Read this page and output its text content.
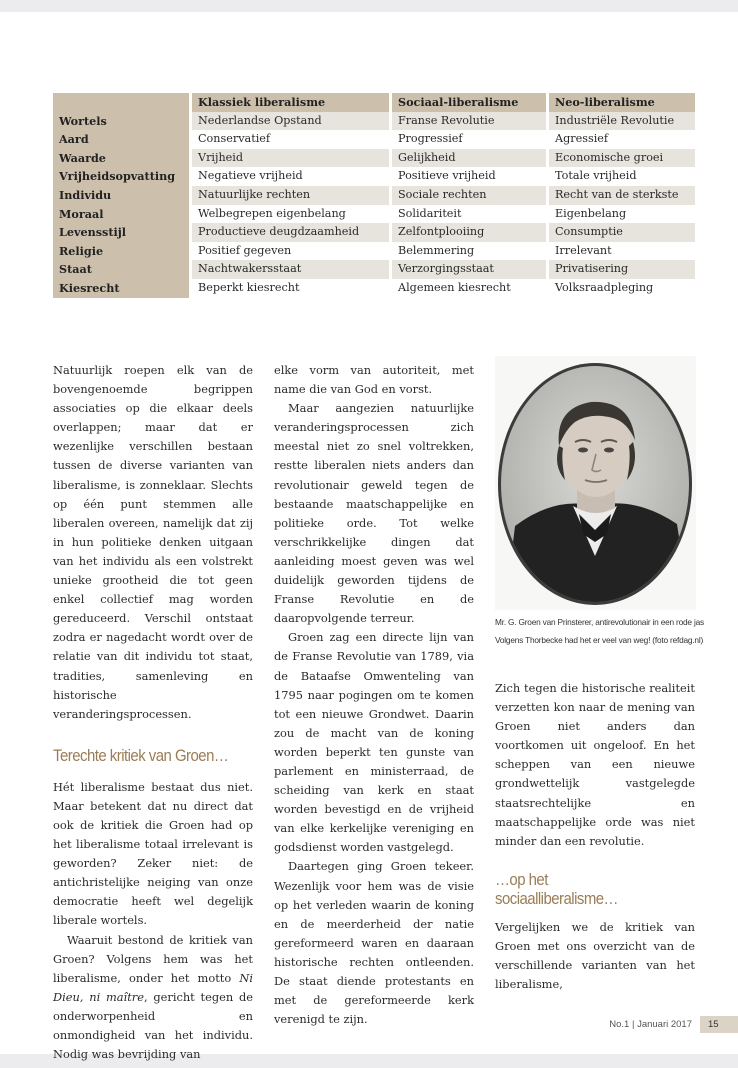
	Klassiek liberalisme	Sociaal-liberalisme	Neo-liberalisme
Wortels	Nederlandse Opstand	Franse Revolutie	Industriële Revolutie
Aard	Conservatief	Progressief	Agressief
Waarde	Vrijheid	Gelijkheid	Economische groei
Vrijheidsopvatting	Negatieve vrijheid	Positieve vrijheid	Totale vrijheid
Individu	Natuurlijke rechten	Sociale rechten	Recht van de sterkste
Moraal	Welbegrepen eigenbelang	Solidariteit	Eigenbelang
Levensstijl	Productieve deugdzaamheid	Zelfontplooiing	Consumptie
Religie	Positief gegeven	Belemmering	Irrelevant
Staat	Nachtwakersstaat	Verzorgingsstaat	Privatisering
Kiesrecht	Beperkt kiesrecht	Algemeen kiesrecht	Volksraadpleging

Natuurlijk roepen elk van de bovengenoemde begrippen associaties op die elkaar deels overlappen; maar dat er wezenlijke verschillen bestaan tussen de diverse varianten van liberalisme, is zonneklaar. Slechts op één punt stemmen alle liberalen overeen, namelijk dat zij in hun politieke denken uitgaan van het individu als een volstrekt unieke grootheid die tot geen enkel collectief mag worden gereduceerd. Verschil ontstaat zodra er nagedacht wordt over de relatie van dit individu tot staat, tradities, samenleving en historische veranderingsprocessen.

Terechte kritiek van Groen…

Hét liberalisme bestaat dus niet. Maar betekent dat nu direct dat ook de kritiek die Groen had op het liberalisme totaal irrelevant is geworden? Zeker niet: de antichristelijke neiging van onze democratie heeft wel degelijk liberale wortels.

Waaruit bestond de kritiek van Groen? Volgens hem was het liberalisme, onder het motto Ni Dieu, ni maître, gericht tegen de onderworpenheid en onmondigheid van het individu. Nodig was bevrijding van

elke vorm van autoriteit, met name die van God en vorst.

Maar aangezien natuurlijke veranderingsprocessen zich meestal niet zo snel voltrekken, restte liberalen niets anders dan revolutionair geweld tegen de bestaande maatschappelijke en politieke orde. Tot welke verschrikkelijke dingen dat aanleiding moest geven was wel duidelijk geworden tijdens de Franse Revolutie en de daaropvolgende terreur.

Groen zag een directe lijn van de Franse Revolutie van 1789, via de Bataafse Omwenteling van 1795 naar pogingen om te komen tot een nieuwe Grondwet. Daarin zou de macht van de koning worden beperkt ten gunste van parlement en ministerraad, de scheiding van kerk en staat worden bevestigd en de vrijheid van elke kerkelijke vereniging en godsdienst worden vastgelegd.

Daartegen ging Groen tekeer. Wezenlijk voor hem was de visie op het verleden waarin de koning en de meerderheid der natie gereformeerd waren en daaraan historische rechten ontleenden. De staat diende protestants en met de gereformeerde kerk verenigd te zijn.

Mr. G. Groen van Prinsterer, antirevolutionair in een rode jas Volgens Thorbecke had het er veel van weg! (foto refdag.nl)

Zich tegen die historische realiteit verzetten kon naar de mening van Groen niet anders dan voortkomen uit ongeloof. En het scheppen van een nieuwe grondwettelijk vastgelegde staatsrechtelijke en maatschappelijke orde was niet minder dan een revolutie.

…op het
sociaalliberalisme…

Vergelijken we de kritiek van Groen met ons overzicht van de verschillende varianten van het liberalisme,

No.1 | Januari 2017	15
